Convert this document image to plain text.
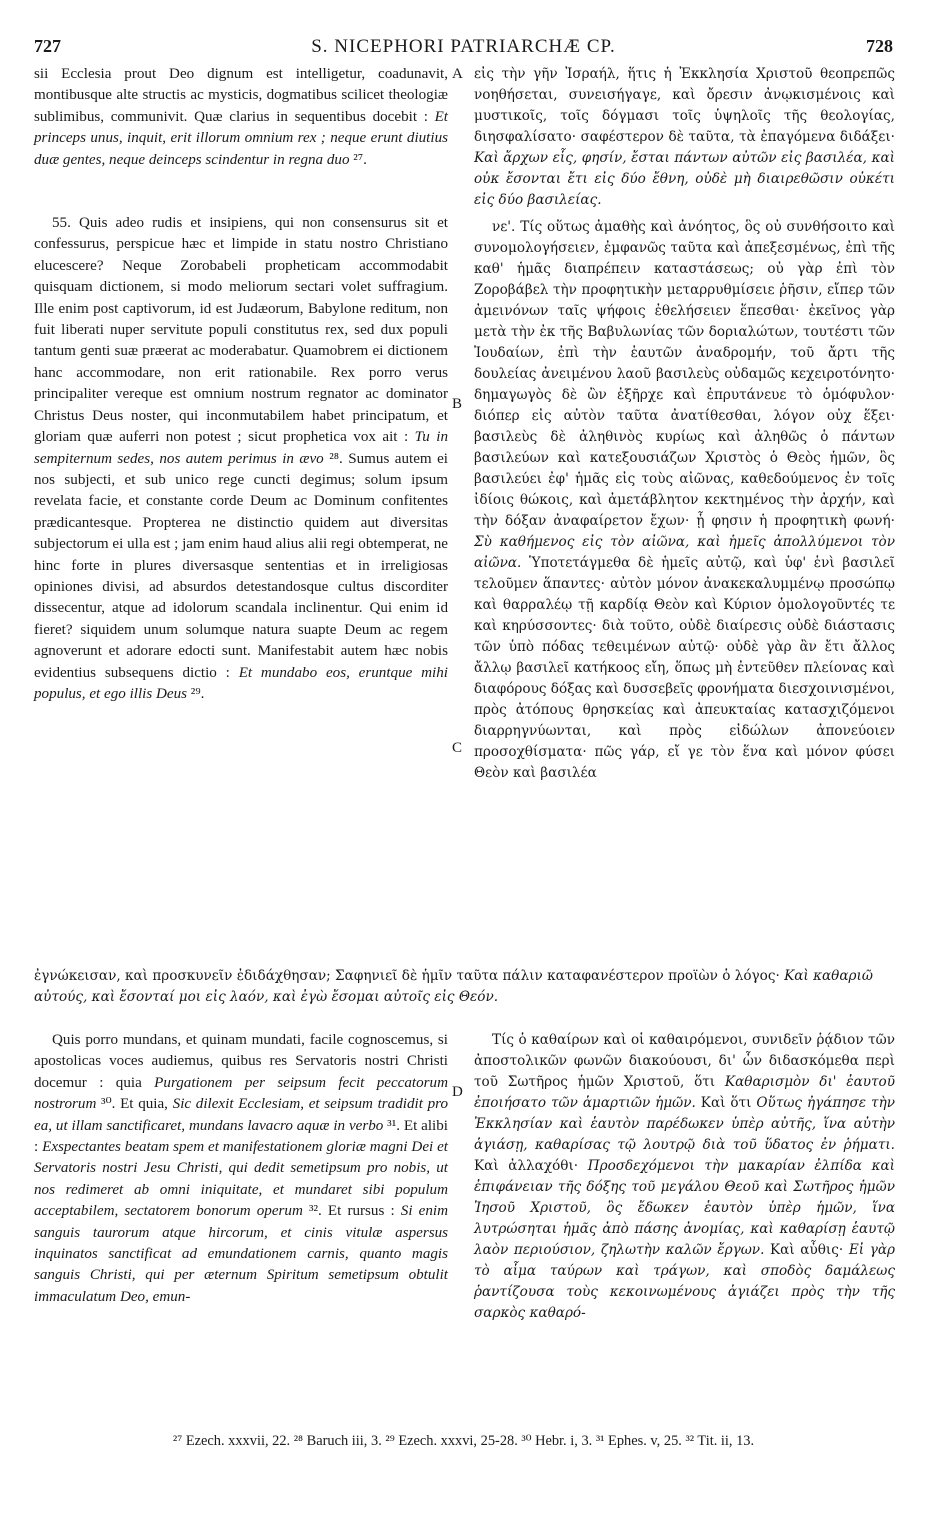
727	S. NICEPHORI PATRIARCHÆ CP.	728

sii Ecclesia prout Deo dignum est intelligetur, coadunavit, montibusque alte structis ac mysticis, dogmatibus scilicet theologiæ sublimibus, communivit. Quæ clarius in sequentibus docebit : Et princeps unus, inquit, erit illorum omnium rex ; neque erunt diutius duæ gentes, neque deinceps scindentur in regna duo ²⁷.

55. Quis adeo rudis et insipiens, qui non consensurus sit et confessurus, perspicue hæc et limpide in statu nostro Christiano elucescere? Neque Zorobabeli propheticam accommodabit quisquam dictionem, si modo meliorum sectari volet suffragium. Ille enim post captivorum, id est Judæorum, Babylone reditum, non fuit liberati nuper servitute populi constitutus rex, sed dux populi tantum genti suæ præerat ac moderabatur. Quamobrem ei dictionem hanc accommodare, non erit rationabile. Rex porro verus principaliter vereque est omnium nostrum regnator ac dominator Christus Deus noster, qui inconmutabilem habet principatum, et gloriam quæ auferri non potest ; sicut prophetica vox ait : Tu in sempiternum sedes, nos autem perimus in ævo ²⁸. Sumus autem ei nos subjecti, et sub unico rege cuncti degimus; solum ipsum revelata facie, et constante corde Deum ac Dominum confitentes prædicantesque. Propterea ne distinctio quidem aut diversitas subjectorum ei ulla est ; jam enim haud alius alii regi obtemperat, ne hinc forte in plures diversasque sententias et in irreligiosas opiniones divisi, ad absurdos detestandosque cultus discorditer dissecentur, atque ad idolorum scandala inclinentur. Qui enim id fieret? siquidem unum solumque natura suapte Deum ac regem agnoverunt et adorare edocti sunt. Manifestabit autem hæc nobis evidentius subsequens dictio : Et mundabo eos, eruntque mihi populus, et ego illis Deus ²⁹.

εἰς τὴν γῆν Ἰσραήλ, ἥτις ἡ Ἐκκλησία Χριστοῦ θεοπρεπῶς νοηθήσεται, συνεισήγαγε, καὶ ὄρεσιν ἀνῳκισμένοις καὶ μυστικοῖς, τοῖς δόγμασι τοῖς ὑψηλοῖς τῆς θεολογίας, διησφαλίσατο· σαφέστερον δὲ ταῦτα, τὰ ἐπαγόμενα διδάξει· Καὶ ἄρχων εἷς, φησίν, ἔσται πάντων αὐτῶν εἰς βασιλέα, καὶ οὐκ ἔσονται ἔτι εἰς δύο ἔθνη, οὐδὲ μὴ διαιρεθῶσιν οὐκέτι εἰς δύο βασιλείας.

νε'. Τίς οὕτως ἀμαθὴς καὶ ἀνόητος, ὃς οὐ συνθήσοιτο καὶ συνομολογήσειεν, ἐμφανῶς ταῦτα καὶ ἀπεξεσμένως, ἐπὶ τῆς καθ' ἡμᾶς διαπρέπειν καταστάσεως; οὐ γὰρ ἐπὶ τὸν Ζοροβάβελ τὴν προφητικὴν μεταρρυθμίσειε ῥῆσιν, εἴπερ τῶν ἀμεινόνων ταῖς ψήφοις ἐθελήσειεν ἕπεσθαι· ἐκεῖνος γὰρ μετὰ τὴν ἐκ τῆς Βαβυλωνίας τῶν δοριαλώτων, τουτέστι τῶν Ἰουδαίων, ἐπὶ τὴν ἑαυτῶν ἀναδρομήν, τοῦ ἄρτι τῆς δουλείας ἀνειμένου λαοῦ βασιλεὺς οὐδαμῶς κεχειροτόνητο· δημαγωγὸς δὲ ὢν ἐξῆρχε καὶ ἐπρυτάνευε τὸ ὁμόφυλον· διόπερ εἰς αὐτὸν ταῦτα ἀνατίθεσθαι, λόγον οὐχ ἕξει· βασιλεὺς δὲ ἀληθινὸς κυρίως καὶ ἀληθῶς ὁ πάντων βασιλεύων καὶ κατεξουσιάζων Χριστὸς ὁ Θεὸς ἡμῶν, ὃς βασιλεύει ἐφ' ἡμᾶς εἰς τοὺς αἰῶνας, καθεδούμενος ἐν τοῖς ἰδίοις θώκοις, καὶ ἀμετάβλητον κεκτημένος τὴν ἀρχήν, καὶ τὴν δόξαν ἀναφαίρετον ἔχων· ᾗ φησιν ἡ προφητικὴ φωνή· Σὺ καθήμενος εἰς τὸν αἰῶνα, καὶ ἡμεῖς ἀπολλύμενοι τὸν αἰῶνα. Ὑποτετάγμεθα δὲ ἡμεῖς αὐτῷ, καὶ ὑφ' ἑνὶ βασιλεῖ τελοῦμεν ἅπαντες· αὐτὸν μόνον ἀνακεκαλυμμένῳ προσώπῳ καὶ θαρραλέῳ τῇ καρδίᾳ Θεὸν καὶ Κύριον ὁμολογοῦντές τε καὶ κηρύσσοντες· διὰ τοῦτο, οὐδὲ διαίρεσις οὐδὲ διάστασις τῶν ὑπὸ πόδας τεθειμένων αὐτῷ· οὐδὲ γὰρ ἂν ἔτι ἄλλος ἄλλῳ βασιλεῖ κατήκοος εἴη, ὅπως μὴ ἐντεῦθεν πλείονας καὶ διαφόρους δόξας καὶ δυσσεβεῖς φρονήματα διεσχοινισμένοι, πρὸς ἀτόπους θρησκείας καὶ ἀπευκταίας κατασχιζόμενοι διαρρηγνύωνται, καὶ πρὸς εἰδώλων ἀπονεύοιεν προσοχθίσματα· πῶς γάρ, εἴ γε τὸν ἕνα καὶ μόνον φύσει Θεὸν καὶ βασιλέα

A
B
C
D

ἐγνώκεισαν, καὶ προσκυνεῖν ἐδιδάχθησαν; Σαφηνιεῖ δὲ ἡμῖν ταῦτα πάλιν καταφανέστερον προϊὼν ὁ λόγος· Καὶ καθαριῶ αὐτούς, καὶ ἔσονταί μοι εἰς λαόν, καὶ ἐγὼ ἔσομαι αὐτοῖς εἰς Θεόν.

Quis porro mundans, et quinam mundati, facile cognoscemus, si apostolicas voces audiemus, quibus res Servatoris nostri Christi docemur : quia Purgationem per seipsum fecit peccatorum nostrorum ³⁰. Et quia, Sic dilexit Ecclesiam, et seipsum tradidit pro ea, ut illam sanctificaret, mundans lavacro aquæ in verbo ³¹. Et alibi : Exspectantes beatam spem et manifestationem gloriæ magni Dei et Servatoris nostri Jesu Christi, qui dedit semetipsum pro nobis, ut nos redimeret ab omni iniquitate, et mundaret sibi populum acceptabilem, sectatorem bonorum operum ³². Et rursus : Si enim sanguis taurorum atque hircorum, et cinis vitulæ aspersus inquinatos sanctificat ad emundationem carnis, quanto magis sanguis Christi, qui per æternum Spiritum semetipsum obtulit immaculatum Deo, emun-

Τίς ὁ καθαίρων καὶ οἱ καθαιρόμενοι, συνιδεῖν ῥᾴδιον τῶν ἀποστολικῶν φωνῶν διακούουσι, δι' ὧν διδασκόμεθα περὶ τοῦ Σωτῆρος ἡμῶν Χριστοῦ, ὅτι Καθαρισμὸν δι' ἑαυτοῦ ἐποιήσατο τῶν ἁμαρτιῶν ἡμῶν. Καὶ ὅτι Οὕτως ἠγάπησε τὴν Ἐκκλησίαν καὶ ἑαυτὸν παρέδωκεν ὑπὲρ αὐτῆς, ἵνα αὐτὴν ἁγιάσῃ, καθαρίσας τῷ λουτρῷ διὰ τοῦ ὕδατος ἐν ῥήματι. Καὶ ἀλλαχόθι· Προσδεχόμενοι τὴν μακαρίαν ἐλπίδα καὶ ἐπιφάνειαν τῆς δόξης τοῦ μεγάλου Θεοῦ καὶ Σωτῆρος ἡμῶν Ἰησοῦ Χριστοῦ, ὃς ἔδωκεν ἑαυτὸν ὑπὲρ ἡμῶν, ἵνα λυτρώσηται ἡμᾶς ἀπὸ πάσης ἀνομίας, καὶ καθαρίσῃ ἑαυτῷ λαὸν περιούσιον, ζηλωτὴν καλῶν ἔργων. Καὶ αὖθις· Εἰ γὰρ τὸ αἷμα ταύρων καὶ τράγων, καὶ σποδὸς δαμάλεως ῥαντίζουσα τοὺς κεκοινωμένους ἁγιάζει πρὸς τὴν τῆς σαρκὸς καθαρό-

²⁷ Ezech. xxxvii, 22. ²⁸ Baruch iii, 3. ²⁹ Ezech. xxxvi, 25-28. ³⁰ Hebr. i, 3. ³¹ Ephes. v, 25. ³² Tit. ii, 13.
